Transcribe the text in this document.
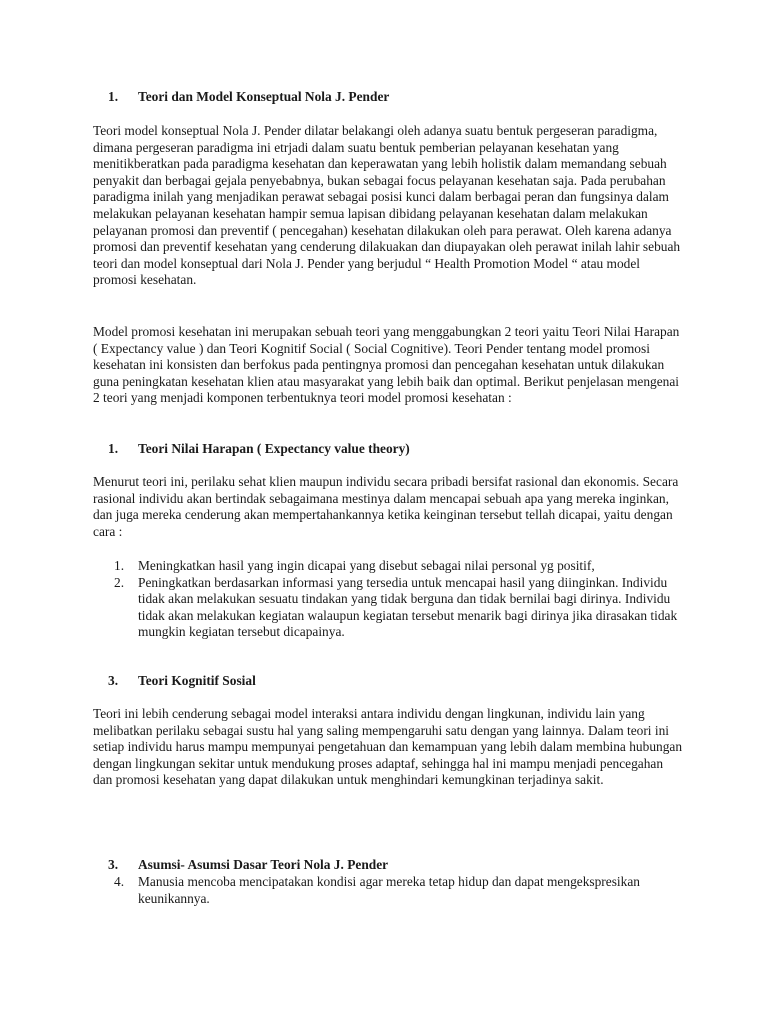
1. Teori dan Model Konseptual Nola J. Pender

Teori model konseptual Nola J. Pender dilatar belakangi oleh adanya suatu bentuk pergeseran paradigma, dimana pergeseran paradigma ini etrjadi dalam suatu bentuk pemberian pelayanan kesehatan yang menitikberatkan pada paradigma kesehatan dan keperawatan yang lebih holistik dalam memandang sebuah penyakit dan berbagai gejala penyebabnya, bukan sebagai focus pelayanan kesehatan saja. Pada perubahan paradigma inilah yang menjadikan perawat sebagai posisi kunci dalam berbagai peran dan fungsinya dalam melakukan pelayanan kesehatan hampir semua lapisan dibidang pelayanan kesehatan dalam melakukan pelayanan promosi dan preventif ( pencegahan) kesehatan dilakukan oleh para perawat. Oleh karena adanya promosi dan preventif kesehatan yang cenderung dilakuakan dan diupayakan oleh perawat inilah lahir sebuah teori dan model konseptual dari Nola J. Pender yang berjudul “ Health Promotion Model “ atau model promosi kesehatan.

Model promosi kesehatan ini merupakan sebuah teori yang menggabungkan 2 teori yaitu Teori Nilai Harapan ( Expectancy value ) dan Teori Kognitif Social ( Social Cognitive). Teori Pender tentang model promosi kesehatan ini konsisten dan berfokus pada pentingnya promosi dan pencegahan kesehatan untuk dilakukan guna peningkatan kesehatan klien atau masyarakat yang lebih baik dan optimal. Berikut penjelasan mengenai 2 teori yang menjadi komponen terbentuknya teori model promosi kesehatan :

1. Teori Nilai Harapan ( Expectancy value theory)

Menurut teori ini, perilaku sehat klien maupun individu secara pribadi bersifat rasional dan ekonomis. Secara rasional individu akan bertindak sebagaimana mestinya dalam mencapai sebuah apa yang mereka inginkan, dan juga mereka cenderung akan mempertahankannya ketika keinginan tersebut tellah dicapai, yaitu dengan cara :

1. Meningkatkan hasil yang ingin dicapai yang disebut sebagai nilai personal yg positif,
2. Peningkatkan berdasarkan informasi yang tersedia untuk mencapai hasil yang diinginkan. Individu tidak akan melakukan sesuatu tindakan yang tidak berguna dan tidak bernilai bagi dirinya. Individu tidak akan melakukan kegiatan walaupun kegiatan tersebut menarik bagi dirinya jika dirasakan tidak mungkin kegiatan tersebut dicapainya.
3. Teori Kognitif Sosial

Teori ini lebih cenderung sebagai model interaksi antara individu dengan lingkunan, individu lain yang melibatkan perilaku sebagai sustu hal yang saling mempengaruhi satu dengan yang lainnya. Dalam teori ini setiap individu harus mampu mempunyai pengetahuan dan kemampuan yang lebih dalam membina hubungan dengan lingkungan sekitar untuk mendukung proses adaptaf, sehingga hal ini mampu menjadi pencegahan dan promosi kesehatan yang dapat dilakukan untuk menghindari kemungkinan terjadinya sakit.

3. Asumsi- Asumsi Dasar Teori Nola J. Pender
4. Manusia mencoba mencipatakan kondisi agar mereka tetap hidup dan dapat mengekspresikan keunikannya.
